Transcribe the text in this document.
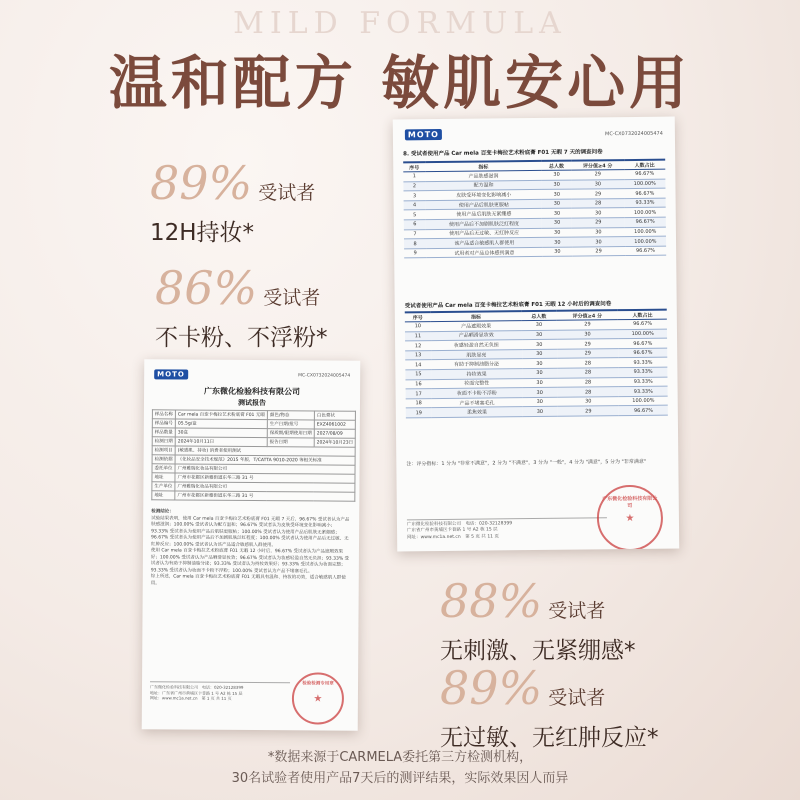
MILD FORMULA
温和配方 敏肌安心用
89% 受试者
12H持妆*
86% 受试者
不卡粉、不浮粉*
88% 受试者
无刺激、无紧绷感*
89% 受试者
无过敏、无红肿反应*
MOTO	MC-CX0732024005474
8. 受试者使用产品 Car mela 百变卡梅拉艺术粉底膏 F01 无暇 7 天的调查问卷
序号	指标	总人数	评分值≥4 分	人数占比
1	产品肤感滋润	30	29	96.67%
2	配方温和	30	30	100.00%
3	皮肤受环境变化影响减小	30	29	96.67%
4	使用产品后肌肤更服帖	30	28	93.33%
5	使用产品后肌肤无紧绷感	30	30	100.00%
6	使用产品后不加剧肌肤泛红程度	30	29	96.67%
7	使用产品后无过敏、无红肿反应	30	30	100.00%
8	该产品适合敏感肌人群使用	30	30	100.00%
9	试用者对产品总体感到满意	30	29	96.67%
受试者使用产品 Car mela 百变卡梅拉艺术粉底膏 F01 无暇 12 小时后的调查问卷
序号	指标	总人数	评分值≥4 分	人数占比
10	产品遮瑕效果	30	29	96.67%
11	产品晒滑显妆效	30	30	100.00%
12	妆感轻盈自然无负担	30	29	96.67%
13	肌肤显亮	30	29	96.67%
14	有助于抑制油脂分泌	30	28	93.33%
15	持妆效果	30	28	93.33%
16	妆面完整性	30	28	93.33%
17	妆面不卡粉不浮粉	30	28	93.33%
18	产品不堵塞毛孔	30	30	100.00%
19	柔焦效果	30	29	96.67%
注：评分指标：1 分为 "非常不满意"，2 分为 "不满意"，3 分为 "一般"，4 分为 "满意"，5 分为 "非常满意"
广东微化检验科技有限公司　 电话：020-32128399
广东省广州市黄埔区卡普路 1 号 A2 栋 15 层
网址：www.mc1a.net.cn　 第 5 页 共 11 页
广东微化检验科技有限公司
★
MOTO	MC-CX0732024005474
广东微化检验科技有限公司
测试报告
样品名称	Car mela 百变卡梅拉艺术粉底膏 F01 无暇	颜色/物态	白色膏状
样品编号	05.5g/盒	生产日期/批号	EXZ4061002
样品数量	30盒	保质期/限期使用日期	2027/08/09
检测日期	2024年10月11日	报告日期	2024年10月23日
检测项目	(敏感肌、持妆) 消费者使用测试		
检测依据	《化妆品安全技术规范》2015 年版，T/CATTA 9010-2020 等相关标准		
委托单位	广州雅瑞化妆品有限公司		
地址	广州市花都区新雅街道东华三路 31 号		
生产单位	广州雅瑞化妆品有限公司		
地址	广州市花都区新雅街道东华三路 31 号		
检测结论：
试验结果表明，使用 Car mela 百变卡梅拉艺术粉底膏 F01 无暇 7 天后，96.67% 受试者认为产品肤感滋润；100.00% 受试者认为配方温和；96.67% 受试者认为皮肤受环境变化影响减小；93.33% 受试者认为使用产品后肌肤更服帖；100.00% 受试者认为使用产品后肌肤无紧绷感；96.67% 受试者认为使用产品后不加剧肌肤泛红程度；100.00% 受试者认为使用产品后无过敏、无红肿反应；100.00% 受试者认为该产品适合敏感肌人群使用。
使用 Car mela 百变卡梅拉艺术粉底膏 F01 无暇 12 小时后，96.67% 受试者认为产品遮瑕效果好；100.00% 受试者认为产品晒滑显妆效；96.67% 受试者认为妆感轻盈自然无负担；93.33% 受试者认为有助于抑制油脂分泌；93.33% 受试者认为持妆效果好；93.33% 受试者认为妆面完整；93.33% 受试者认为妆面不卡粉不浮粉；100.00% 受试者认为产品不堵塞毛孔。
综上所述，Car mela 百变卡梅拉艺术粉底膏 F01 无暇具有温和、持妆的功效，适合敏感肌人群使用。
广东微化检验科技有限公司　 电话：020-32128399
地址：广东省广州市黄埔区卡普路 1 号 A2 栋 15 层
网址：www.mc1a.net.cn　 第 1 页 共 11 页
检验检测专用章
★
*数据来源于CARMELA委托第三方检测机构，
30名试验者使用产品7天后的测评结果，实际效果因人而异
